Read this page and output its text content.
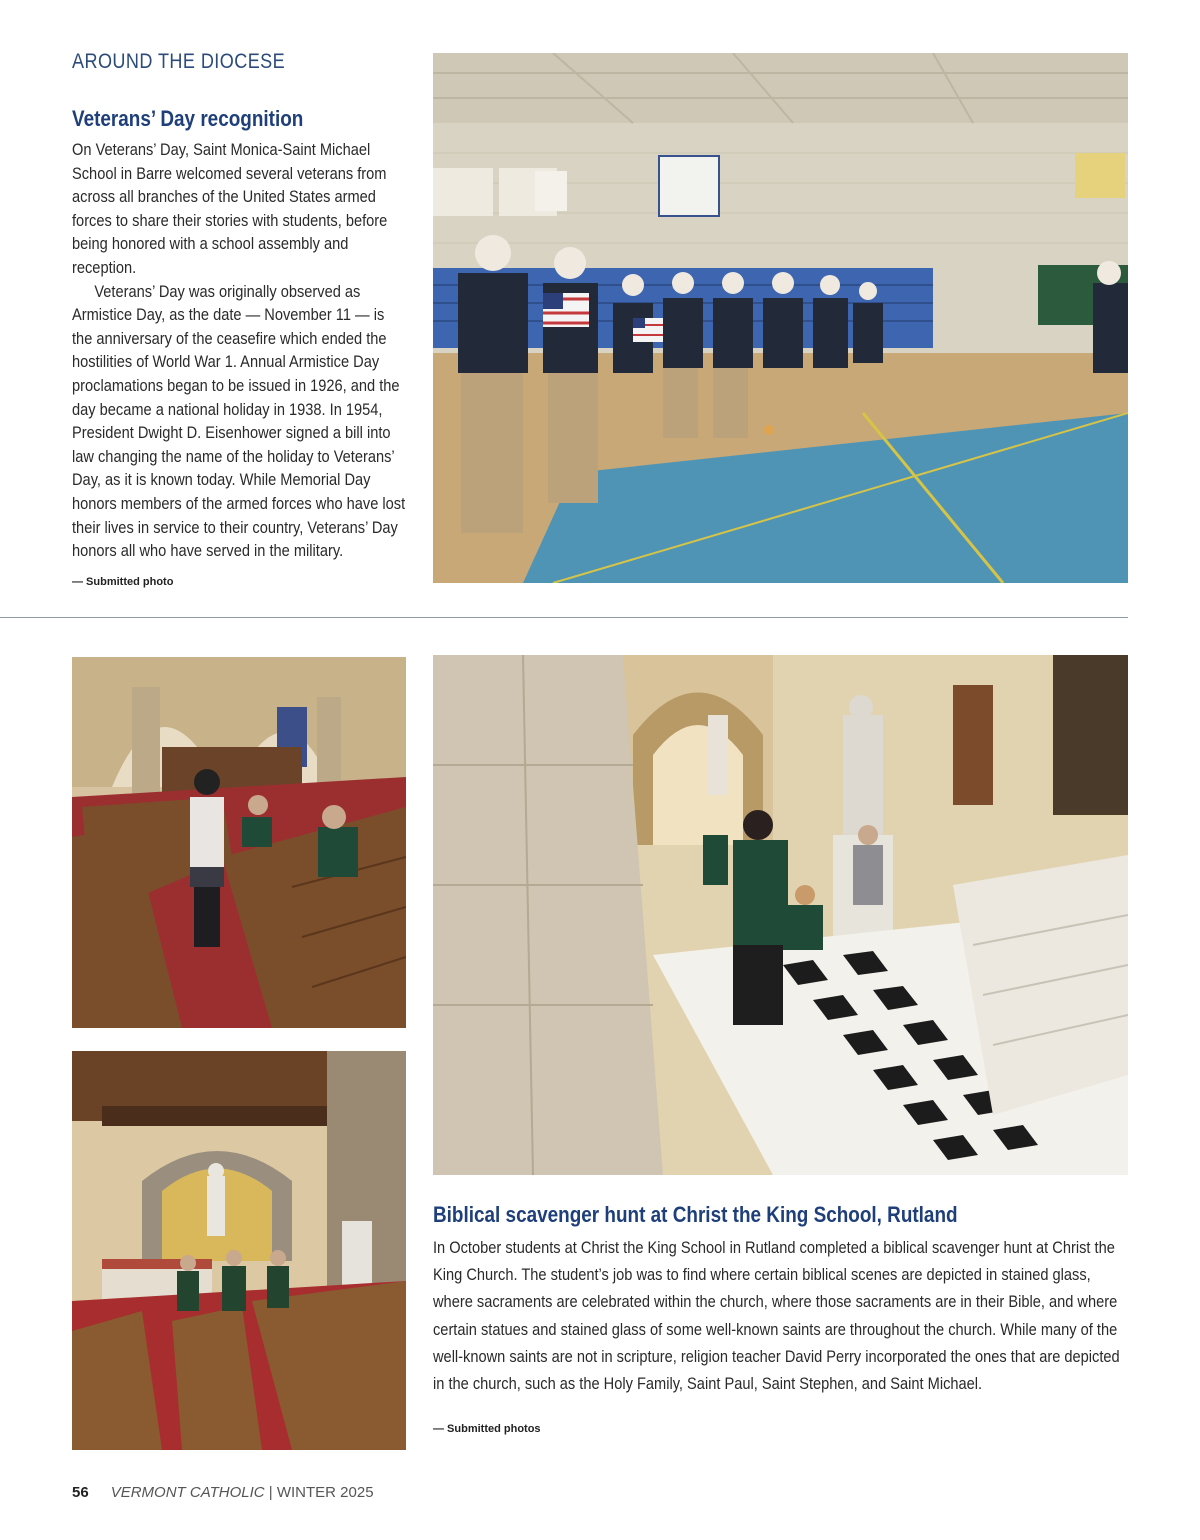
AROUND THE DIOCESE
Veterans’ Day recognition

On Veterans’ Day, Saint Monica-Saint Michael School in Barre welcomed several veterans from across all branches of the United States armed forces to share their stories with students, before being honored with a school assembly and reception.

Veterans’ Day was originally observed as Armistice Day, as the date — November 11 — is the anniversary of the ceasefire which ended the hostilities of World War 1. Annual Armistice Day proclamations began to be issued in 1926, and the day became a national holiday in 1938. In 1954, President Dwight D. Eisenhower signed a bill into law changing the name of the holiday to Veterans’ Day, as it is known today. While Memorial Day honors members of the armed forces who have lost their lives in service to their country, Veterans’ Day honors all who have served in the military.

— Submitted photo
Biblical scavenger hunt at Christ the King School, Rutland

In October students at Christ the King School in Rutland completed a biblical scavenger hunt at Christ the King Church. The student’s job was to find where certain biblical scenes are depicted in stained glass, where sacraments are celebrated within the church, where those sacraments are in their Bible, and where certain statues and stained glass of some well-known saints are throughout the church. While many of the well-known saints are not in scripture, religion teacher David Perry incorporated the ones that are depicted in the church, such as the Holy Family, Saint Paul, Saint Stephen, and Saint Michael.

— Submitted photos
56 VERMONT CATHOLIC | WINTER 2025
